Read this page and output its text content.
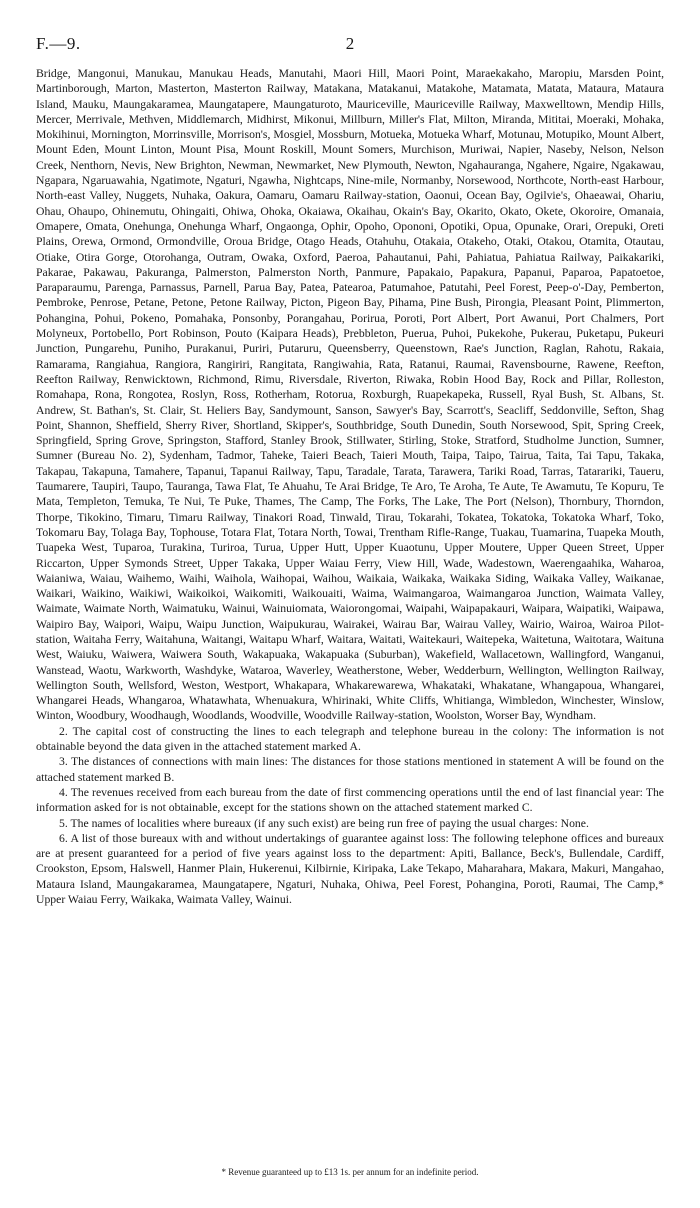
F.—9.	2

Bridge, Mangonui, Manukau, Manukau Heads, Manutahi, Maori Hill, Maori Point, Maraekakaho, Maropiu, Marsden Point, Martinborough, Marton, Masterton, Masterton Railway, Matakana, Matakanui, Matakohe, Matamata, Matata, Mataura, Mataura Island, Mauku, Maungakaramea, Maungatapere, Maungaturoto, Mauriceville, Mauriceville Railway, Maxwelltown, Mendip Hills, Mercer, Merrivale, Methven, Middlemarch, Midhirst, Mikonui, Millburn, Miller's Flat, Milton, Miranda, Mititai, Moeraki, Mohaka, Mokihinui, Mornington, Morrinsville, Morrison's, Mosgiel, Mossburn, Motueka, Motueka Wharf, Motunau, Motupiko, Mount Albert, Mount Eden, Mount Linton, Mount Pisa, Mount Roskill, Mount Somers, Murchison, Muriwai, Napier, Naseby, Nelson, Nelson Creek, Nenthorn, Nevis, New Brighton, Newman, Newmarket, New Plymouth, Newton, Ngahauranga, Ngahere, Ngaire, Ngakawau, Ngapara, Ngaruawahia, Ngatimote, Ngaturi, Ngawha, Nightcaps, Nine-mile, Normanby, Norsewood, Northcote, North-east Harbour, North-east Valley, Nuggets, Nuhaka, Oakura, Oamaru, Oamaru Railway-station, Oaonui, Ocean Bay, Ogilvie's, Ohaeawai, Ohariu, Ohau, Ohaupo, Ohinemutu, Ohingaiti, Ohiwa, Ohoka, Okaiawa, Okaihau, Okain's Bay, Okarito, Okato, Okete, Okoroire, Omanaia, Omapere, Omata, Onehunga, Onehunga Wharf, Ongaonga, Ophir, Opoho, Opononi, Opotiki, Opua, Opunake, Orari, Orepuki, Oreti Plains, Orewa, Ormond, Ormondville, Oroua Bridge, Otago Heads, Otahuhu, Otakaia, Otakeho, Otaki, Otakou, Otamita, Otautau, Otiake, Otira Gorge, Otorohanga, Outram, Owaka, Oxford, Paeroa, Pahautanui, Pahi, Pahiatua, Pahiatua Railway, Paikakariki, Pakarae, Pakawau, Pakuranga, Palmerston, Palmerston North, Panmure, Papakaio, Papakura, Papanui, Paparoa, Papatoetoe, Paraparaumu, Parenga, Parnassus, Parnell, Parua Bay, Patea, Patearoa, Patumahoe, Patutahi, Peel Forest, Peep-o'-Day, Pemberton, Pembroke, Penrose, Petane, Petone, Petone Railway, Picton, Pigeon Bay, Pihama, Pine Bush, Pirongia, Pleasant Point, Plimmerton, Pohangina, Pohui, Pokeno, Pomahaka, Ponsonby, Porangahau, Porirua, Poroti, Port Albert, Port Awanui, Port Chalmers, Port Molyneux, Portobello, Port Robinson, Pouto (Kaipara Heads), Prebbleton, Puerua, Puhoi, Pukekohe, Pukerau, Puketapu, Pukeuri Junction, Pungarehu, Puniho, Purakanui, Puriri, Putaruru, Queensberry, Queenstown, Rae's Junction, Raglan, Rahotu, Rakaia, Ramarama, Rangiahua, Rangiora, Rangiriri, Rangitata, Rangiwahia, Rata, Ratanui, Raumai, Ravensbourne, Rawene, Reefton, Reefton Railway, Renwicktown, Richmond, Rimu, Riversdale, Riverton, Riwaka, Robin Hood Bay, Rock and Pillar, Rolleston, Romahapa, Rona, Rongotea, Roslyn, Ross, Rotherham, Rotorua, Roxburgh, Ruapekapeka, Russell, Ryal Bush, St. Albans, St. Andrew, St. Bathan's, St. Clair, St. Heliers Bay, Sandymount, Sanson, Sawyer's Bay, Scarrott's, Seacliff, Seddonville, Sefton, Shag Point, Shannon, Sheffield, Sherry River, Shortland, Skipper's, Southbridge, South Dunedin, South Norsewood, Spit, Spring Creek, Springfield, Spring Grove, Springston, Stafford, Stanley Brook, Stillwater, Stirling, Stoke, Stratford, Studholme Junction, Sumner, Sumner (Bureau No. 2), Sydenham, Tadmor, Taheke, Taieri Beach, Taieri Mouth, Taipa, Taipo, Tairua, Taita, Tai Tapu, Takaka, Takapau, Takapuna, Tamahere, Tapanui, Tapanui Railway, Tapu, Taradale, Tarata, Tarawera, Tariki Road, Tarras, Tatarariki, Taueru, Taumarere, Taupiri, Taupo, Tauranga, Tawa Flat, Te Ahuahu, Te Arai Bridge, Te Aro, Te Aroha, Te Aute, Te Awamutu, Te Kopuru, Te Mata, Templeton, Temuka, Te Nui, Te Puke, Thames, The Camp, The Forks, The Lake, The Port (Nelson), Thornbury, Thorndon, Thorpe, Tikokino, Timaru, Timaru Railway, Tinakori Road, Tinwald, Tirau, Tokarahi, Tokatea, Tokatoka, Tokatoka Wharf, Toko, Tokomaru Bay, Tolaga Bay, Tophouse, Totara Flat, Totara North, Towai, Trentham Rifle-Range, Tuakau, Tuamarina, Tuapeka Mouth, Tuapeka West, Tuparoa, Turakina, Turiroa, Turua, Upper Hutt, Upper Kuaotunu, Upper Moutere, Upper Queen Street, Upper Riccarton, Upper Symonds Street, Upper Takaka, Upper Waiau Ferry, View Hill, Wade, Wadestown, Waerengaahika, Waharoa, Waianiwa, Waiau, Waihemo, Waihi, Waihola, Waihopai, Waihou, Waikaia, Waikaka, Waikaka Siding, Waikaka Valley, Waikanae, Waikari, Waikino, Waikiwi, Waikoikoi, Waikomiti, Waikouaiti, Waima, Waimangaroa, Waimangaroa Junction, Waimata Valley, Waimate, Waimate North, Waimatuku, Wainui, Wainuiomata, Waiorongomai, Waipahi, Waipapakauri, Waipara, Waipatiki, Waipawa, Waipiro Bay, Waipori, Waipu, Waipu Junction, Waipukurau, Wairakei, Wairau Bar, Wairau Valley, Wairio, Wairoa, Wairoa Pilot-station, Waitaha Ferry, Waitahuna, Waitangi, Waitapu Wharf, Waitara, Waitati, Waitekauri, Waitepeka, Waitetuna, Waitotara, Waituna West, Waiuku, Waiwera, Waiwera South, Wakapuaka, Wakapuaka (Suburban), Wakefield, Wallacetown, Wallingford, Wanganui, Wanstead, Waotu, Warkworth, Washdyke, Wataroa, Waverley, Weatherstone, Weber, Wedderburn, Wellington, Wellington Railway, Wellington South, Wellsford, Weston, Westport, Whakapara, Whakarewarewa, Whakataki, Whakatane, Whangapoua, Whangarei, Whangarei Heads, Whangaroa, Whatawhata, Whenuakura, Whirinaki, White Cliffs, Whitianga, Wimbledon, Winchester, Winslow, Winton, Woodbury, Woodhaugh, Woodlands, Woodville, Woodville Railway-station, Woolston, Worser Bay, Wyndham.

2. The capital cost of constructing the lines to each telegraph and telephone bureau in the colony: The information is not obtainable beyond the data given in the attached statement marked A.

3. The distances of connections with main lines: The distances for those stations mentioned in statement A will be found on the attached statement marked B.

4. The revenues received from each bureau from the date of first commencing operations until the end of last financial year: The information asked for is not obtainable, except for the stations shown on the attached statement marked C.

5. The names of localities where bureaux (if any such exist) are being run free of paying the usual charges: None.

6. A list of those bureaux with and without undertakings of guarantee against loss: The following telephone offices and bureaux are at present guaranteed for a period of five years against loss to the department: Apiti, Ballance, Beck's, Bullendale, Cardiff, Crookston, Epsom, Halswell, Hanmer Plain, Hukerenui, Kilbirnie, Kiripaka, Lake Tekapo, Maharahara, Makara, Makuri, Mangahao, Mataura Island, Maungakaramea, Maungatapere, Ngaturi, Nuhaka, Ohiwa, Peel Forest, Pohangina, Poroti, Raumai, The Camp,* Upper Waiau Ferry, Waikaka, Waimata Valley, Wainui.

* Revenue guaranteed up to £13 1s. per annum for an indefinite period.
